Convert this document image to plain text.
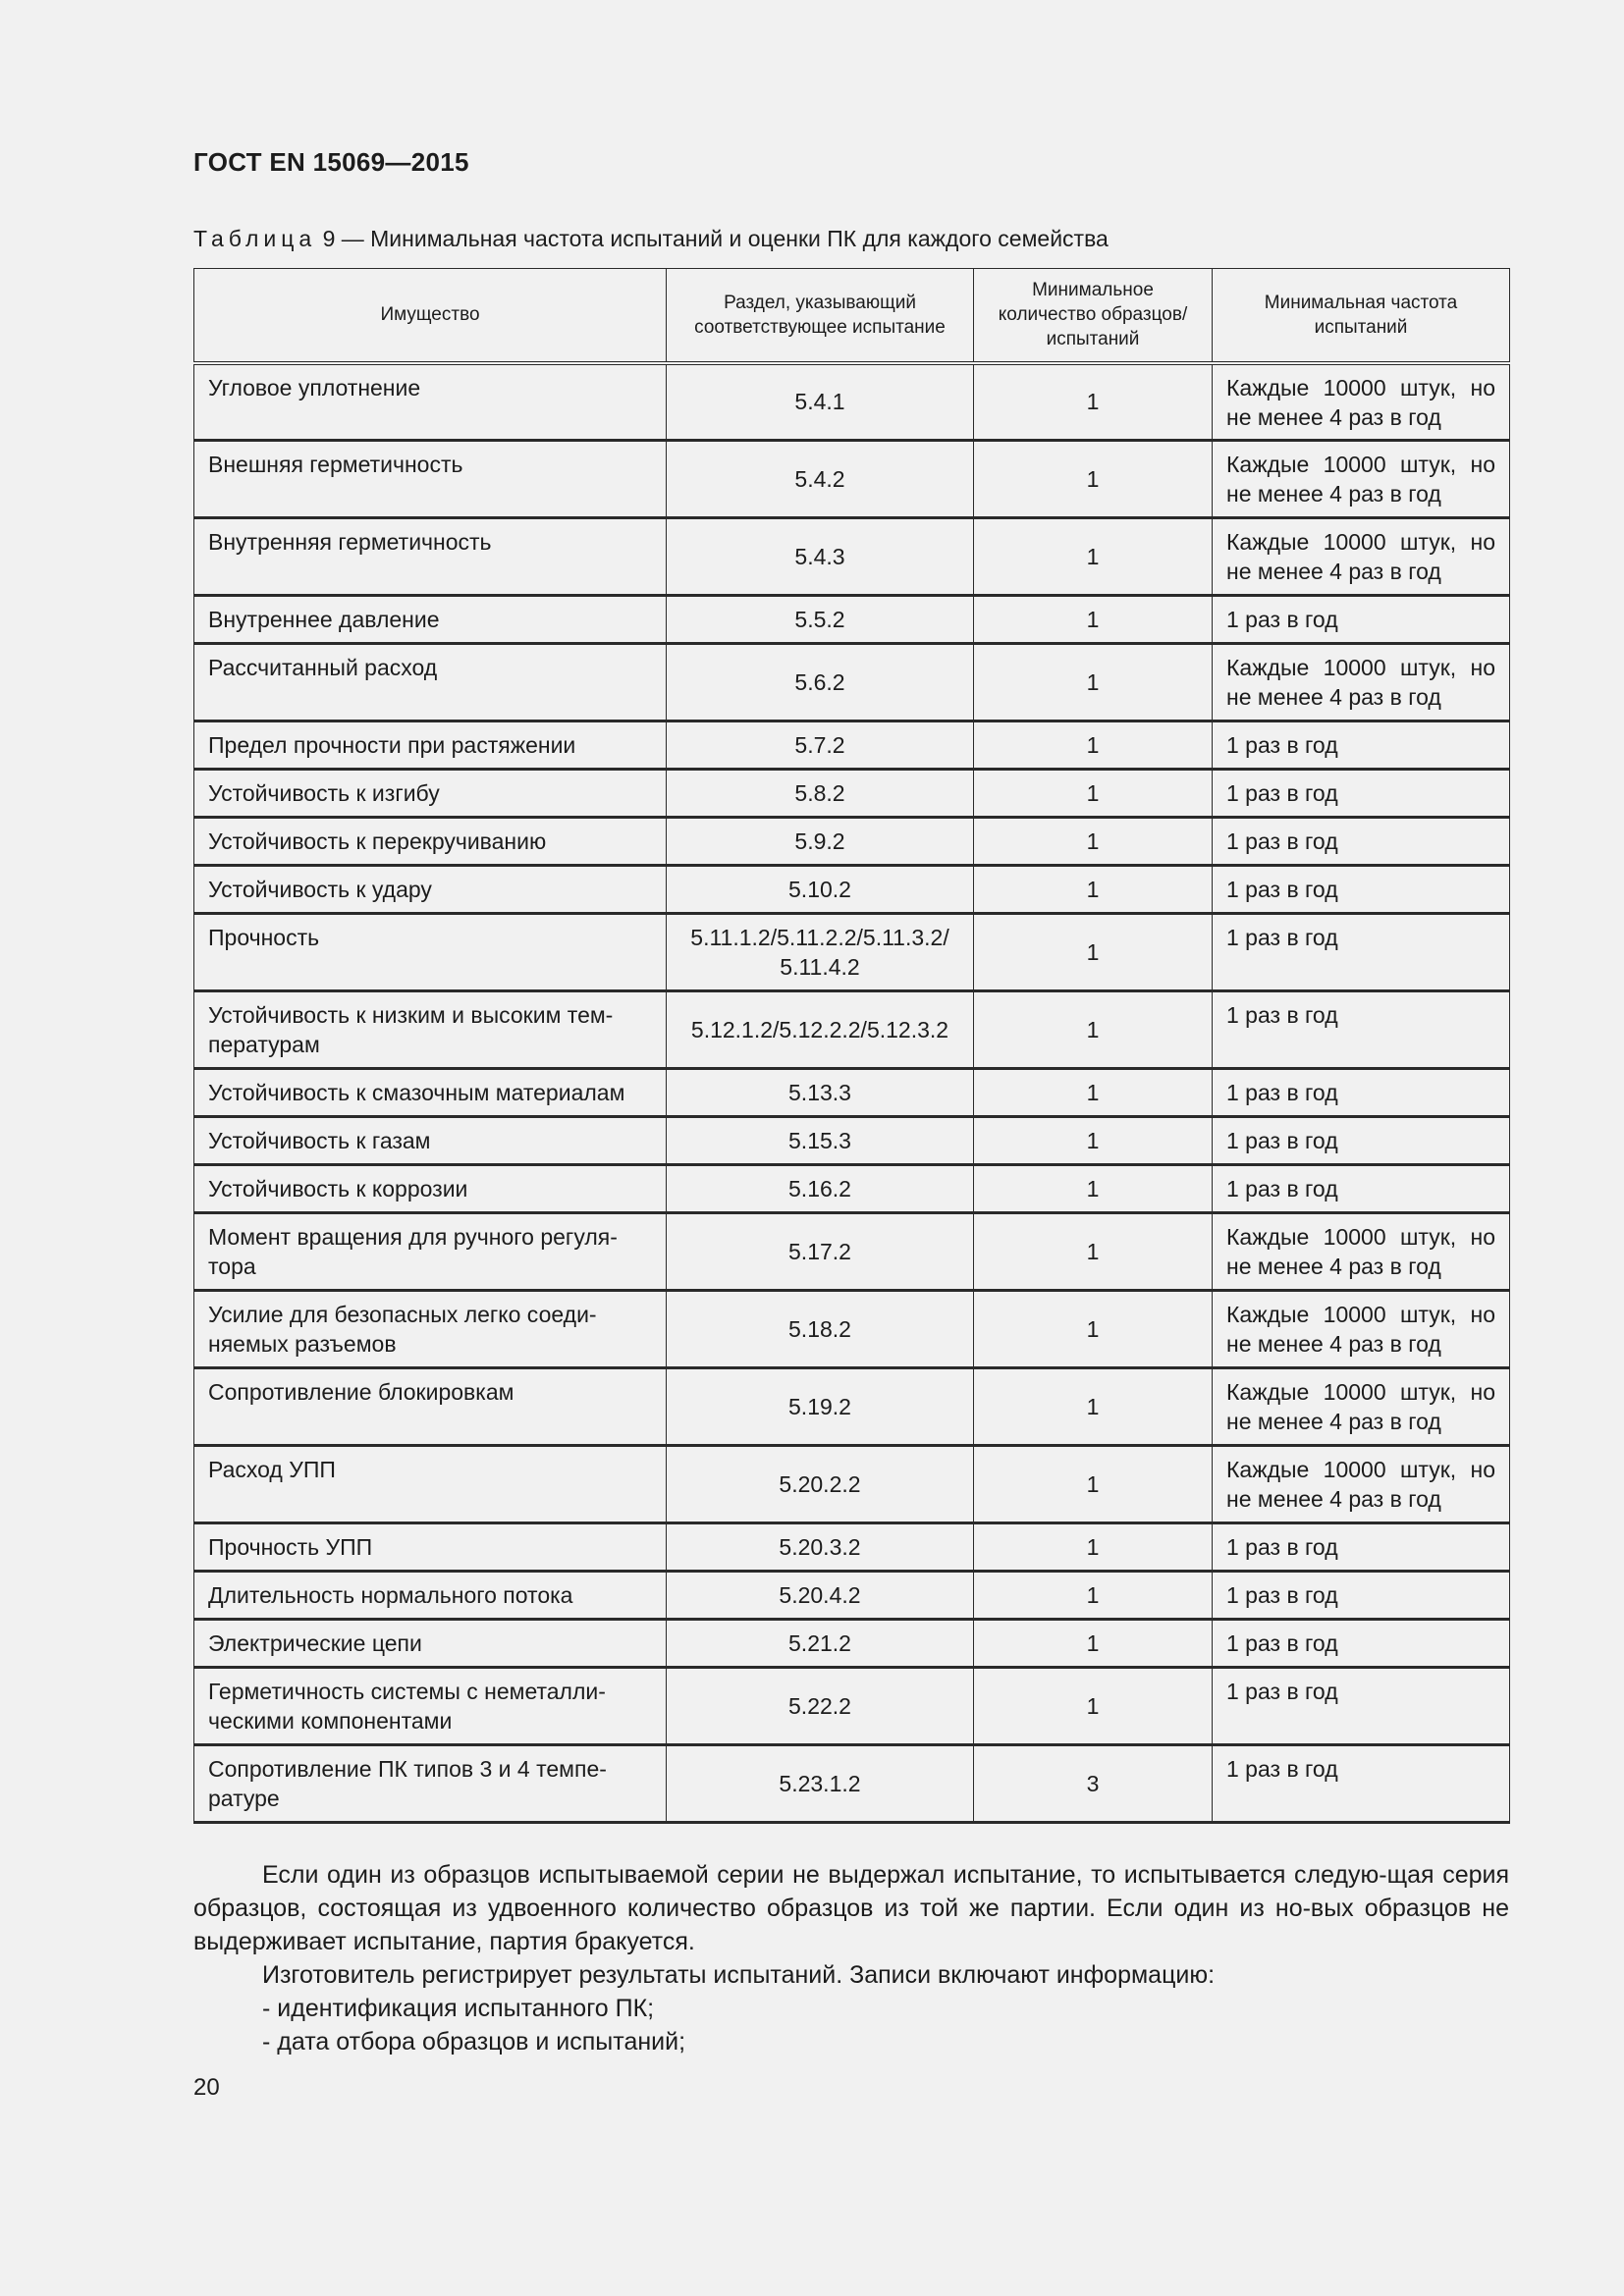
ГОСТ EN 15069—2015
Таблица 9 — Минимальная частота испытаний и оценки ПК для каждого семейства
Имущество	Раздел, указывающий соответствующее испытание	Минимальное количество образцов/испытаний	Минимальная частота испытаний
Угловое уплотнение	5.4.1	1	Каждые 10000 штук, но не менее 4 раз в год
Внешняя герметичность	5.4.2	1	Каждые 10000 штук, но не менее 4 раз в год
Внутренняя герметичность	5.4.3	1	Каждые 10000 штук, но не менее 4 раз в год
Внутреннее давление	5.5.2	1	1 раз в год
Рассчитанный расход	5.6.2	1	Каждые 10000 штук, но не менее 4 раз в год
Предел прочности при растяжении	5.7.2	1	1 раз в год
Устойчивость к изгибу	5.8.2	1	1 раз в год
Устойчивость к перекручиванию	5.9.2	1	1 раз в год
Устойчивость к удару	5.10.2	1	1 раз в год
Прочность	5.11.1.2/5.11.2.2/5.11.3.2/ 5.11.4.2	1	1 раз в год
Устойчивость к низким и высоким тем-пературам	5.12.1.2/5.12.2.2/5.12.3.2	1	1 раз в год
Устойчивость к смазочным материалам	5.13.3	1	1 раз в год
Устойчивость к газам	5.15.3	1	1 раз в год
Устойчивость к коррозии	5.16.2	1	1 раз в год
Момент вращения для ручного регуля-тора	5.17.2	1	Каждые 10000 штук, но не менее 4 раз в год
Усилие для безопасных легко соеди-няемых разъемов	5.18.2	1	Каждые 10000 штук, но не менее 4 раз в год
Сопротивление блокировкам	5.19.2	1	Каждые 10000 штук, но не менее 4 раз в год
Расход УПП	5.20.2.2	1	Каждые 10000 штук, но не менее 4 раз в год
Прочность УПП	5.20.3.2	1	1 раз в год
Длительность нормального потока	5.20.4.2	1	1 раз в год
Электрические цепи	5.21.2	1	1 раз в год
Герметичность системы с неметалли-ческими компонентами	5.22.2	1	1 раз в год
Сопротивление ПК типов 3 и 4 темпе-ратуре	5.23.1.2	3	1 раз в год

Если один из образцов испытываемой серии не выдержал испытание, то испытывается следую-щая серия образцов, состоящая из удвоенного количество образцов из той же партии. Если один из но-вых образцов не выдерживает испытание, партия бракуется.

Изготовитель регистрирует результаты испытаний. Записи включают информацию:

- идентификация испытанного ПК;
- дата отбора образцов и испытаний;
20
